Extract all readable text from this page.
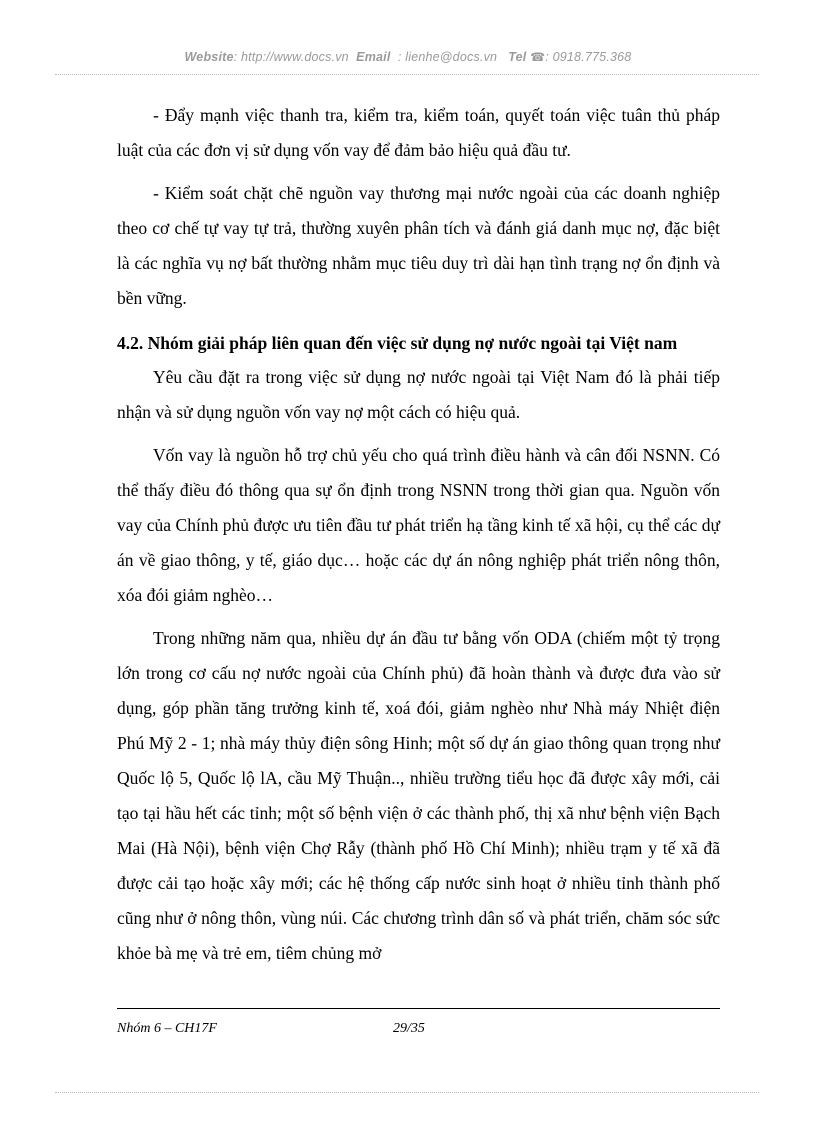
Website: http://www.docs.vn Email : lienhe@docs.vn Tel ☎: 0918.775.368

- Đẩy mạnh việc thanh tra, kiểm tra, kiểm toán, quyết toán việc tuân thủ pháp luật của các đơn vị sử dụng vốn vay để đảm bảo hiệu quả đầu tư.

- Kiểm soát chặt chẽ nguồn vay thương mại nước ngoài của các doanh nghiệp theo cơ chế tự vay tự trả, thường xuyên phân tích và đánh giá danh mục nợ, đặc biệt là các nghĩa vụ nợ bất thường nhằm mục tiêu duy trì dài hạn tình trạng nợ ổn định và bền vững.

4.2. Nhóm giải pháp liên quan đến việc sử dụng nợ nước ngoài tại Việt nam

Yêu cầu đặt ra trong việc sử dụng nợ nước ngoài tại Việt Nam đó là phải tiếp nhận và sử dụng nguồn vốn vay nợ một cách có hiệu quả.

Vốn vay là nguồn hỗ trợ chủ yếu cho quá trình điều hành và cân đối NSNN. Có thể thấy điều đó thông qua sự ổn định trong NSNN trong thời gian qua. Nguồn vốn vay của Chính phủ được ưu tiên đầu tư phát triển hạ tầng kinh tế xã hội, cụ thể các dự án về giao thông, y tế, giáo dục… hoặc các dự án nông nghiệp phát triển nông thôn, xóa đói giảm nghèo…

Trong những năm qua, nhiều dự án đầu tư bằng vốn ODA (chiếm một tỷ trọng lớn trong cơ cấu nợ nước ngoài của Chính phủ) đã hoàn thành và được đưa vào sử dụng, góp phần tăng trưởng kinh tế, xoá đói, giảm nghèo như Nhà máy Nhiệt điện Phú Mỹ 2 - 1; nhà máy thủy điện sông Hinh; một số dự án giao thông quan trọng như Quốc lộ 5, Quốc lộ lA, cầu Mỹ Thuận.., nhiều trường tiểu học đã được xây mới, cải tạo tại hầu hết các tỉnh; một số bệnh viện ở các thành phố, thị xã như bệnh viện Bạch Mai (Hà Nội), bệnh viện Chợ Rẫy (thành phố Hồ Chí Minh); nhiều trạm y tế xã đã được cải tạo hoặc xây mới; các hệ thống cấp nước sinh hoạt ở nhiều tỉnh thành phố cũng như ở nông thôn, vùng núi. Các chương trình dân số và phát triển, chăm sóc sức khỏe bà mẹ và trẻ em, tiêm chủng mở

Nhóm 6 – CH17F	29/35
